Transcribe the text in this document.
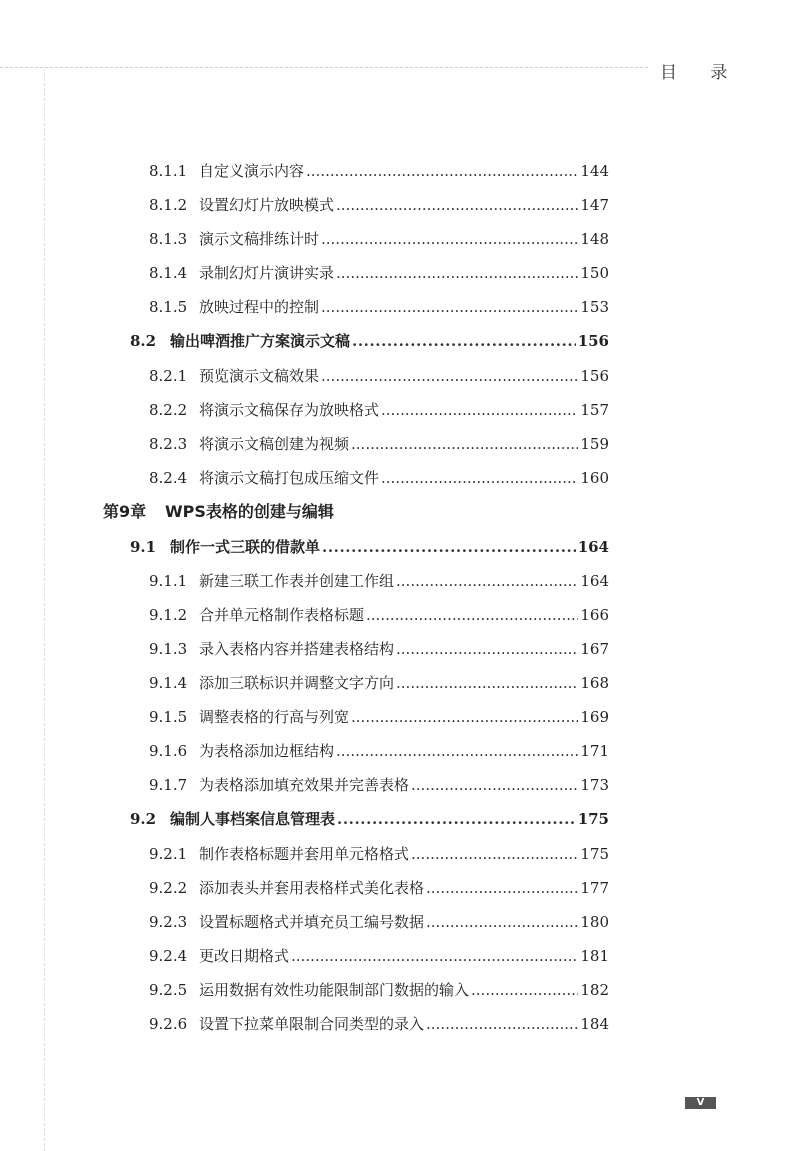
目 录
8.1.1 自定义演示内容 .....	144
8.1.2 设置幻灯片放映模式 .....	147
8.1.3 演示文稿排练计时 .....	148
8.1.4 录制幻灯片演讲实录 .....	150
8.1.5 放映过程中的控制 .....	153
8.2 输出啤酒推广方案演示文稿 .....	156
8.2.1 预览演示文稿效果 .....	156
8.2.2 将演示文稿保存为放映格式 .....	157
8.2.3 将演示文稿创建为视频 .....	159
8.2.4 将演示文稿打包成压缩文件 .....	160
第9章	WPS表格的创建与编辑
9.1 制作一式三联的借款单 .....	164
9.1.1 新建三联工作表并创建工作组 .....	164
9.1.2 合并单元格制作表格标题 .....	166
9.1.3 录入表格内容并搭建表格结构 .....	167
9.1.4 添加三联标识并调整文字方向 .....	168
9.1.5 调整表格的行高与列宽 .....	169
9.1.6 为表格添加边框结构 .....	171
9.1.7 为表格添加填充效果并完善表格 .....	173
9.2 编制人事档案信息管理表 .....	175
9.2.1 制作表格标题并套用单元格格式 .....	175
9.2.2 添加表头并套用表格样式美化表格 .....	177
9.2.3 设置标题格式并填充员工编号数据 .....	180
9.2.4 更改日期格式 .....	181
9.2.5 运用数据有效性功能限制部门数据的输入 .....	182
9.2.6 设置下拉菜单限制合同类型的录入 .....	184
V
